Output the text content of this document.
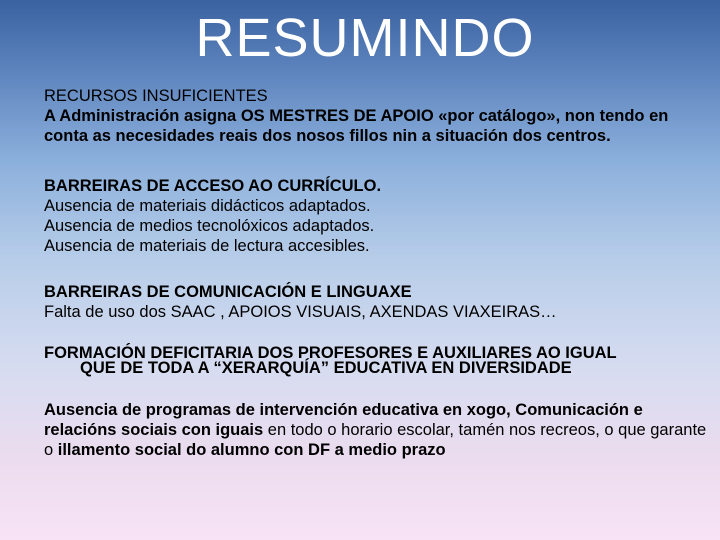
RESUMINDO

RECURSOS INSUFICIENTES

A Administración asigna OS MESTRES DE APOIO «por catálogo», non tendo en conta as necesidades reais dos nosos fillos nin a situación dos centros.

BARREIRAS DE ACCESO AO CURRÍCULO.

Ausencia de materiais didácticos adaptados.

Ausencia de medios tecnolóxicos adaptados.

Ausencia de materiais de lectura accesibles.

BARREIRAS DE COMUNICACIÓN E LINGUAXE

Falta de uso dos SAAC , APOIOS VISUAIS, AXENDAS VIAXEIRAS…

FORMACIÓN DEFICITARIA DOS PROFESORES E AUXILIARES AO IGUAL

QUE DE TODA A “XERARQUÍA” EDUCATIVA EN DIVERSIDADE

Ausencia de programas de intervención educativa en xogo, Comunicación e relacións sociais con iguais en todo o horario escolar, tamén nos recreos, o que garante o illamento social do alumno con DF a medio prazo
